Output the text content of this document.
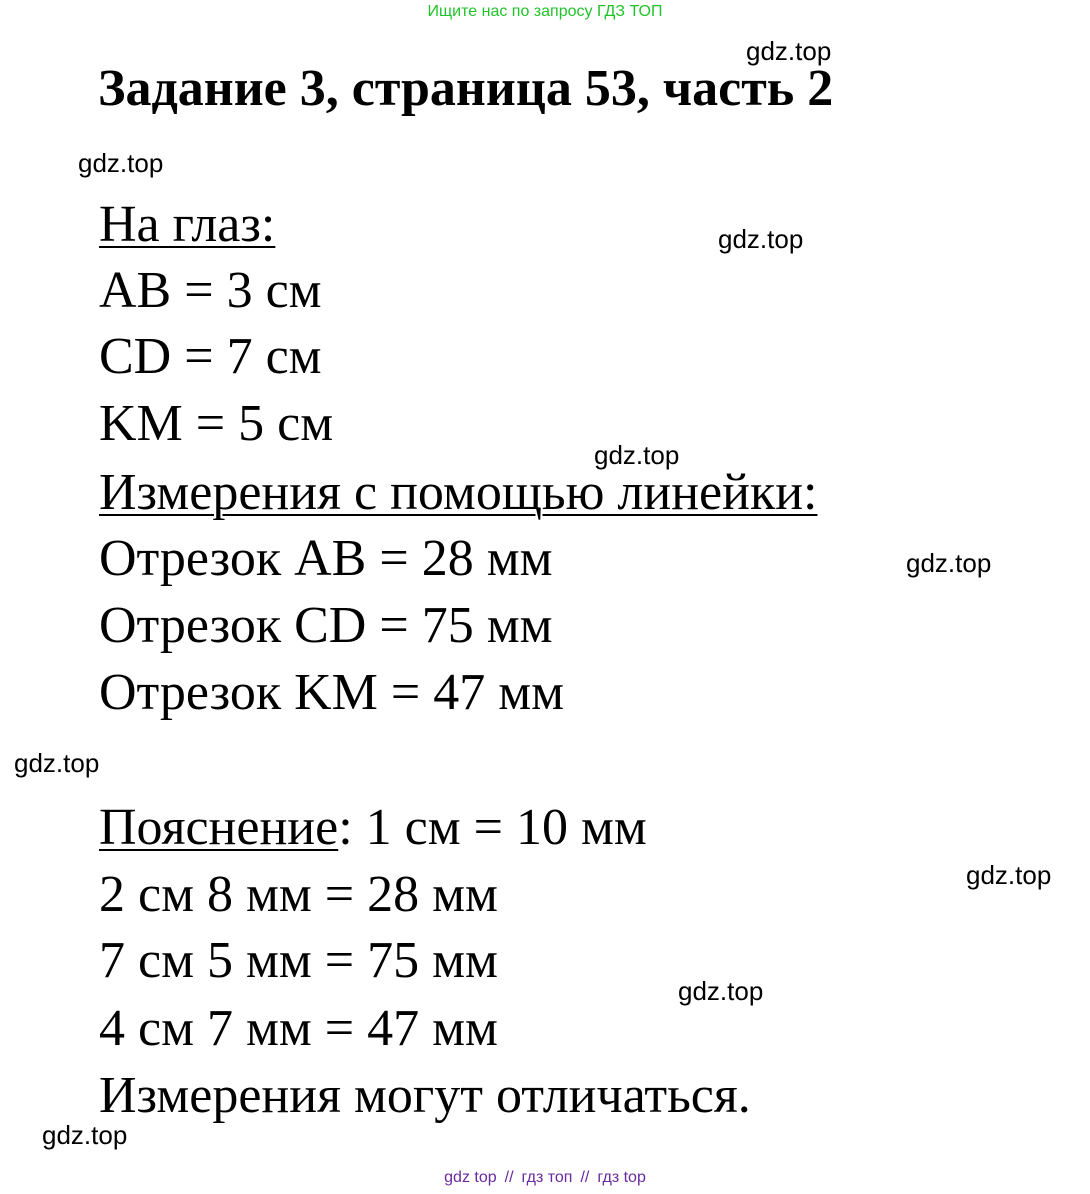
Ищите нас по запросу ГДЗ ТОП
Задание 3, страница 53, часть 2
На глаз:
AB = 3 см
CD = 7 см
KM = 5 см
Измерения с помощью линейки:
Отрезок AB = 28 мм
Отрезок CD = 75 мм
Отрезок KM = 47 мм
Пояснение: 1 см = 10 мм
2 см 8 мм = 28 мм
7 см 5 мм = 75 мм
4 см 7 мм = 47 мм
Измерения могут отличаться.
gdz.top
gdz.top
gdz.top
gdz.top
gdz.top
gdz.top
gdz.top
gdz.top
gdz.top
gdz top // гдз топ // гдз top
